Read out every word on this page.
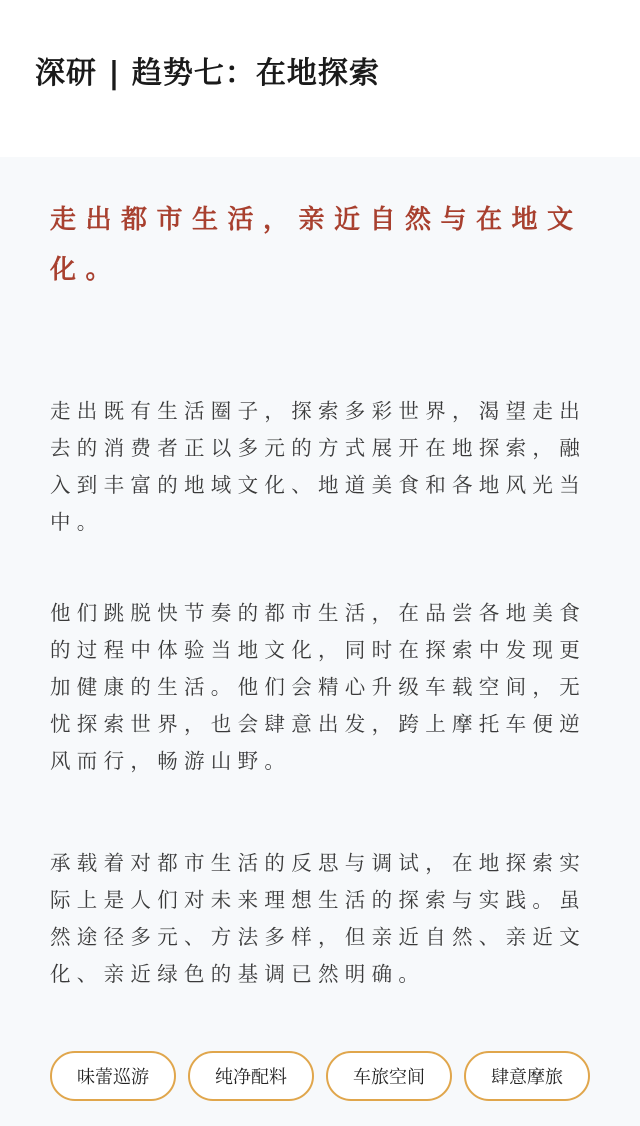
深研 | 趋势七：在地探索
走出都市生活，亲近自然与在地文化。

走出既有生活圈子，探索多彩世界，渴望走出去的消费者正以多元的方式展开在地探索，融入到丰富的地域文化、地道美食和各地风光当中。

他们跳脱快节奏的都市生活，在品尝各地美食的过程中体验当地文化，同时在探索中发现更加健康的生活。他们会精心升级车载空间，无忧探索世界，也会肆意出发，跨上摩托车便逆风而行，畅游山野。

承载着对都市生活的反思与调试，在地探索实际上是人们对未来理想生活的探索与实践。虽然途径多元、方法多样，但亲近自然、亲近文化、亲近绿色的基调已然明确。

味蕾巡游	纯净配料	车旅空间	肆意摩旅
